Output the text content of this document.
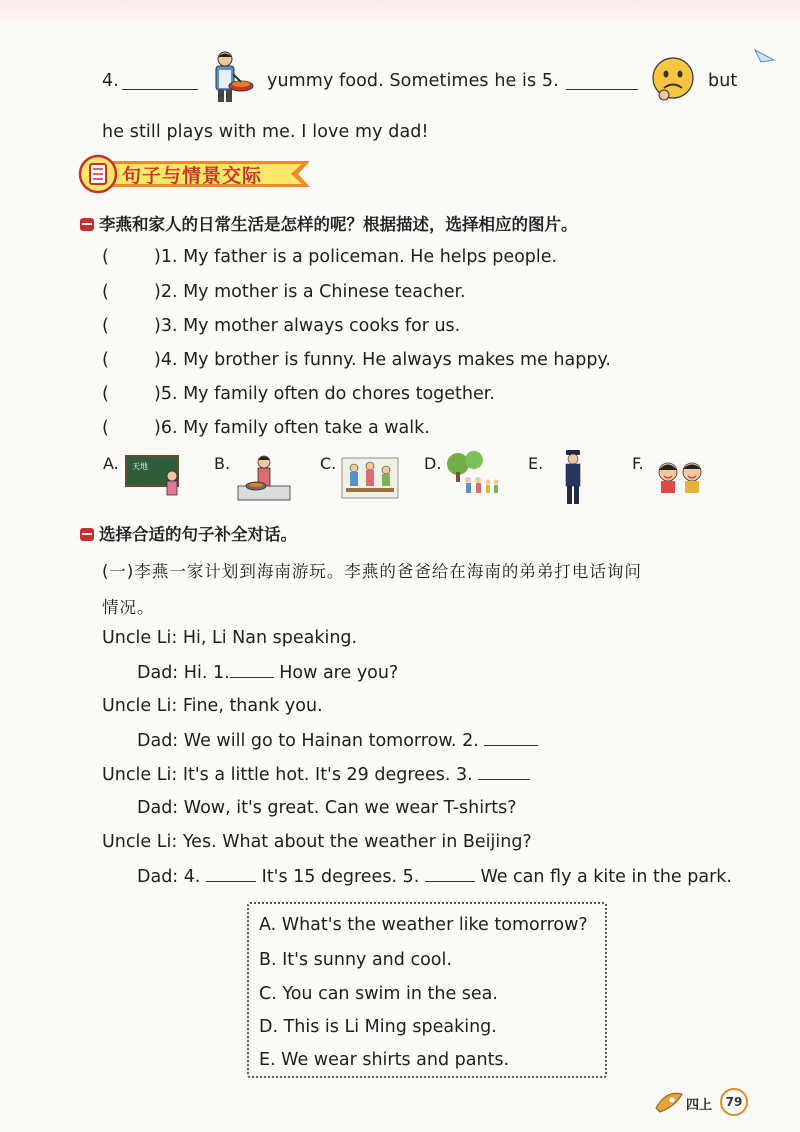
4.	yummy food. Sometimes he is 5.	but
he still plays with me. I love my dad!
句子与情景交际
李燕和家人的日常生活是怎样的呢？根据描述，选择相应的图片。
(	)1. My father is a policeman. He helps people.
(	)2. My mother is a Chinese teacher.
(	)3. My mother always cooks for us.
(	)4. My brother is funny. He always makes me happy.
(	)5. My family often do chores together.
(	)6. My family often take a walk.
A. 天地	B.	C.	D.	E.	F.
选择合适的句子补全对话。
(一)李燕一家计划到海南游玩。李燕的爸爸给在海南的弟弟打电话询问
情况。
Uncle Li: Hi, Li Nan speaking.
Dad: Hi. 1.	How are you?
Uncle Li: Fine, thank you.
Dad: We will go to Hainan tomorrow. 2.
Uncle Li: It's a little hot. It's 29 degrees. 3.
Dad: Wow, it's great. Can we wear T-shirts?
Uncle Li: Yes. What about the weather in Beijing?
Dad: 4.	It's 15 degrees. 5.	We can fly a kite in the park.
A. What's the weather like tomorrow?
B. It's sunny and cool.
C. You can swim in the sea.
D. This is Li Ming speaking.
E. We wear shirts and pants.
四上	79
